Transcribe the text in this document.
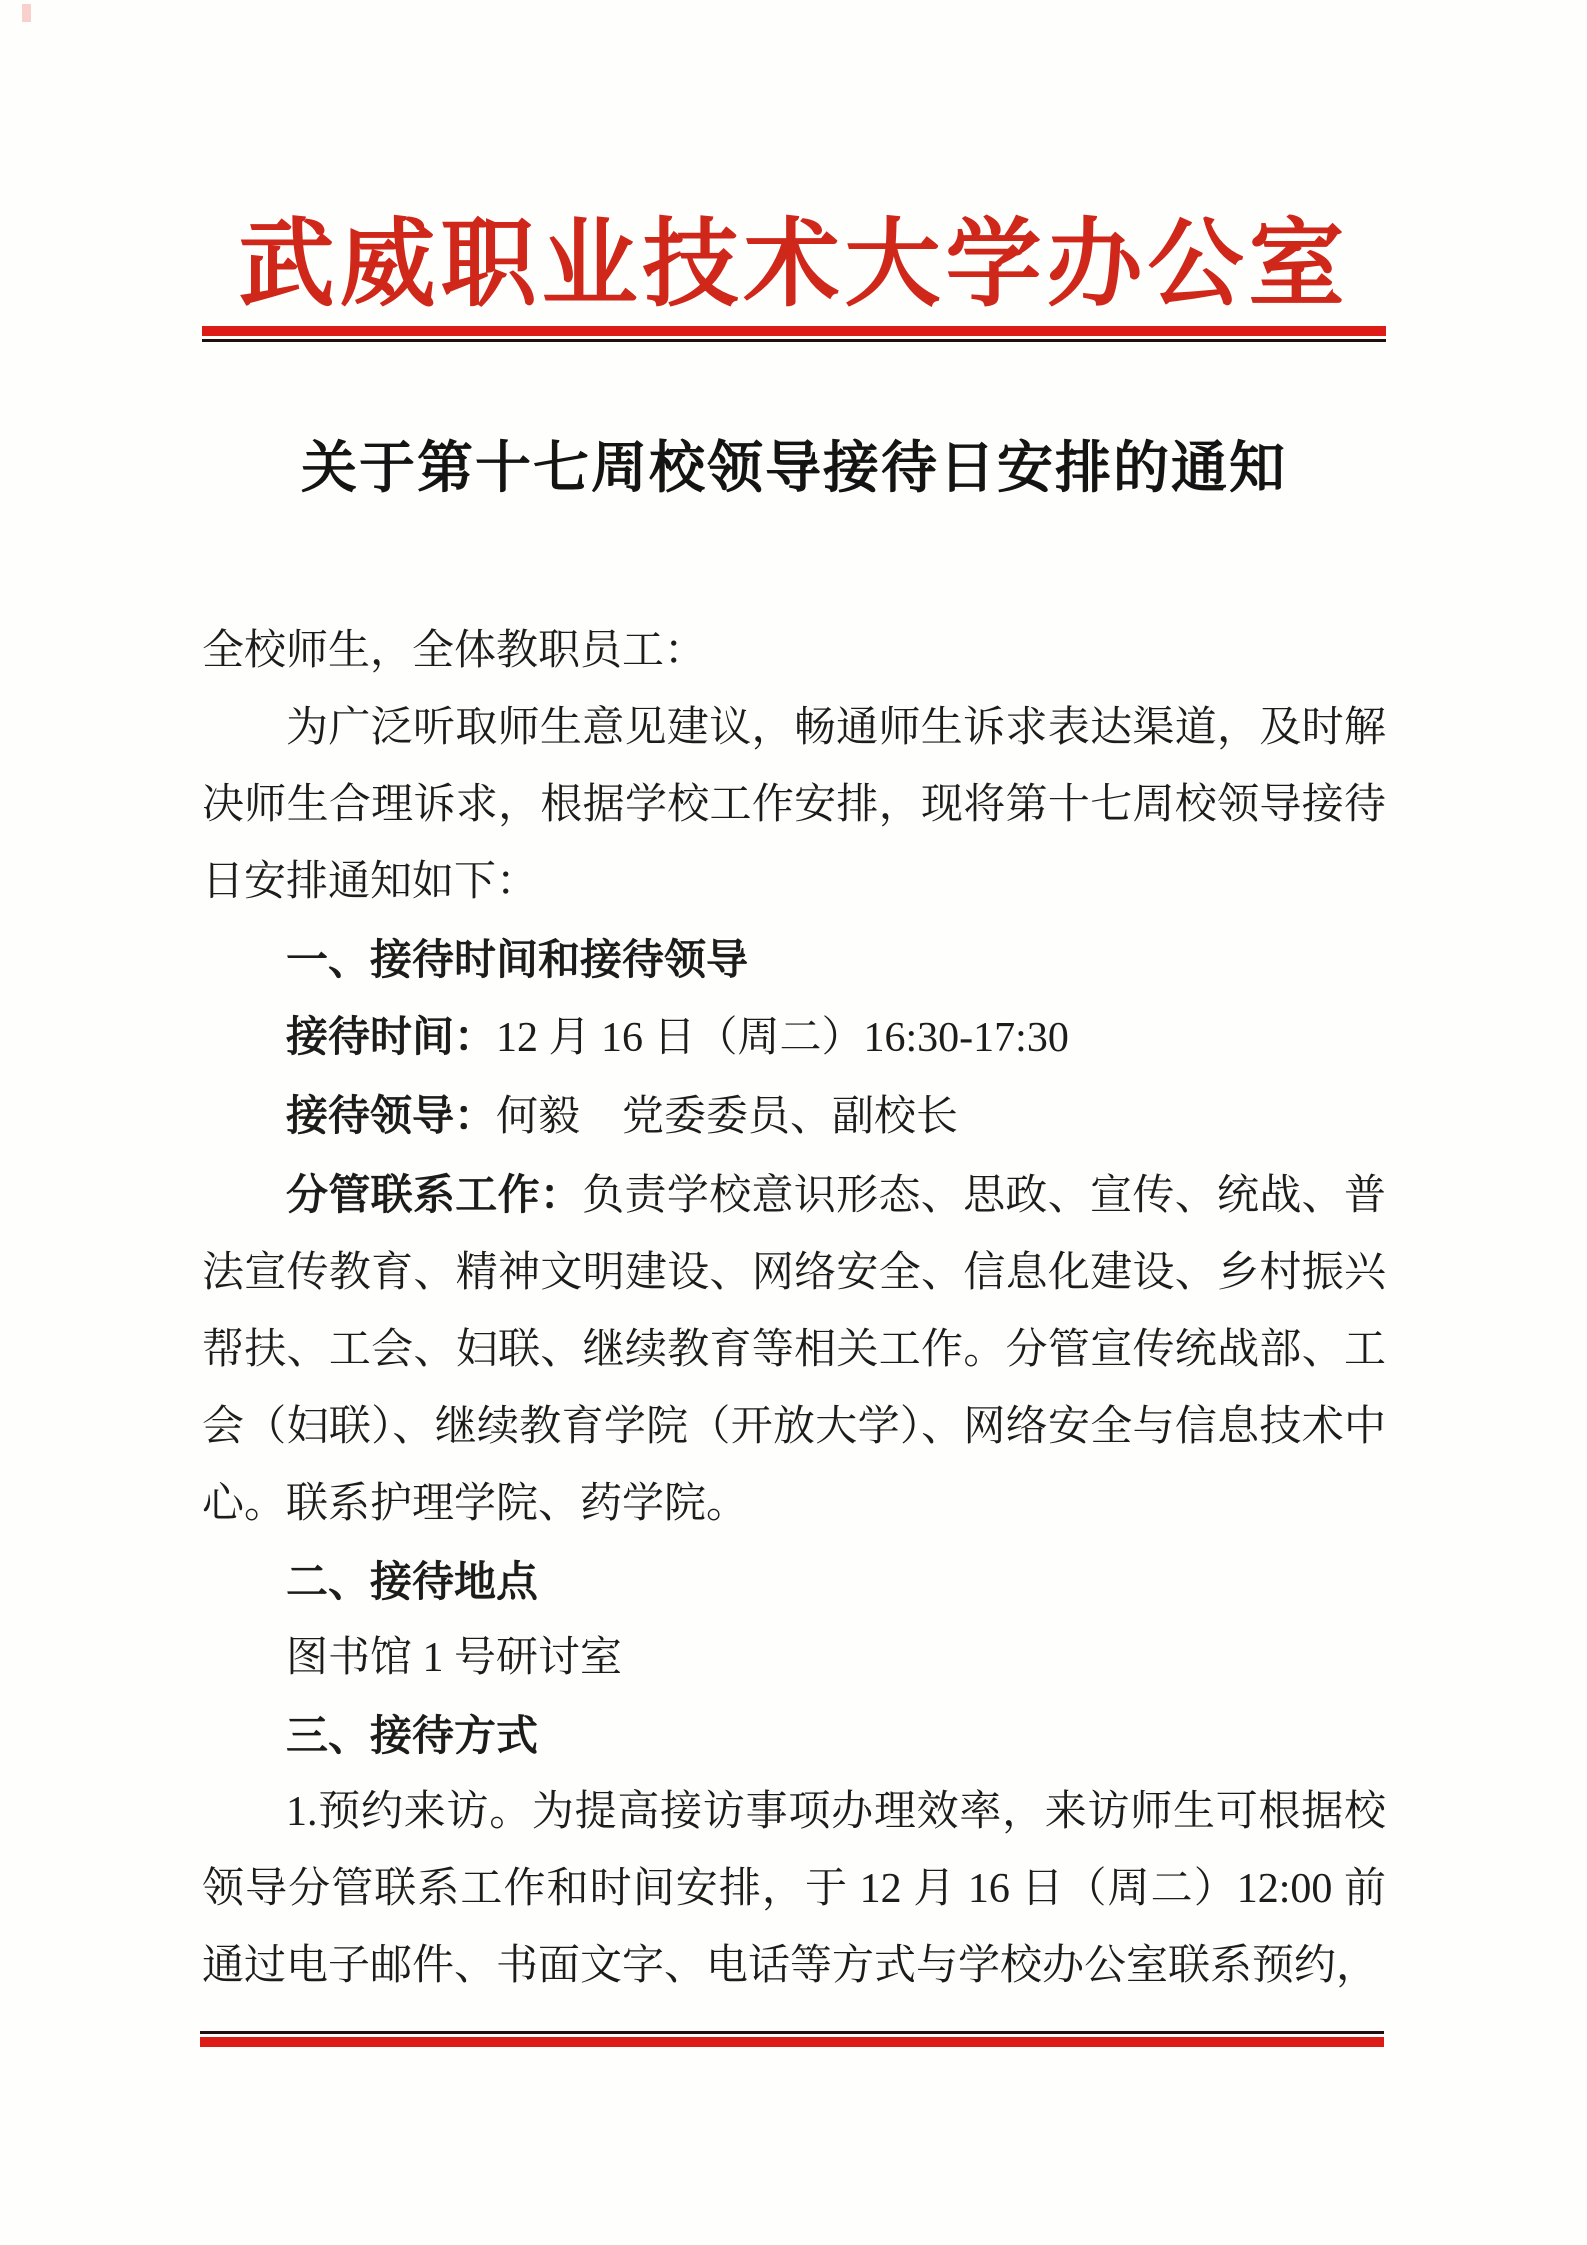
武威职业技术大学办公室
关于第十七周校领导接待日安排的通知

全校师生，全体教职员工：

为广泛听取师生意见建议，畅通师生诉求表达渠道，及时解决师生合理诉求，根据学校工作安排，现将第十七周校领导接待日安排通知如下：

一、接待时间和接待领导

接待时间：12 月 16 日（周二）16:30-17:30

接待领导：何毅　党委委员、副校长

分管联系工作：负责学校意识形态、思政、宣传、统战、普法宣传教育、精神文明建设、网络安全、信息化建设、乡村振兴帮扶、工会、妇联、继续教育等相关工作。分管宣传统战部、工会（妇联）、继续教育学院（开放大学）、网络安全与信息技术中心。联系护理学院、药学院。

二、接待地点

图书馆 1 号研讨室

三、接待方式

1.预约来访。为提高接访事项办理效率，来访师生可根据校领导分管联系工作和时间安排，于 12 月 16 日（周二）12:00 前通过电子邮件、书面文字、电话等方式与学校办公室联系预约，
